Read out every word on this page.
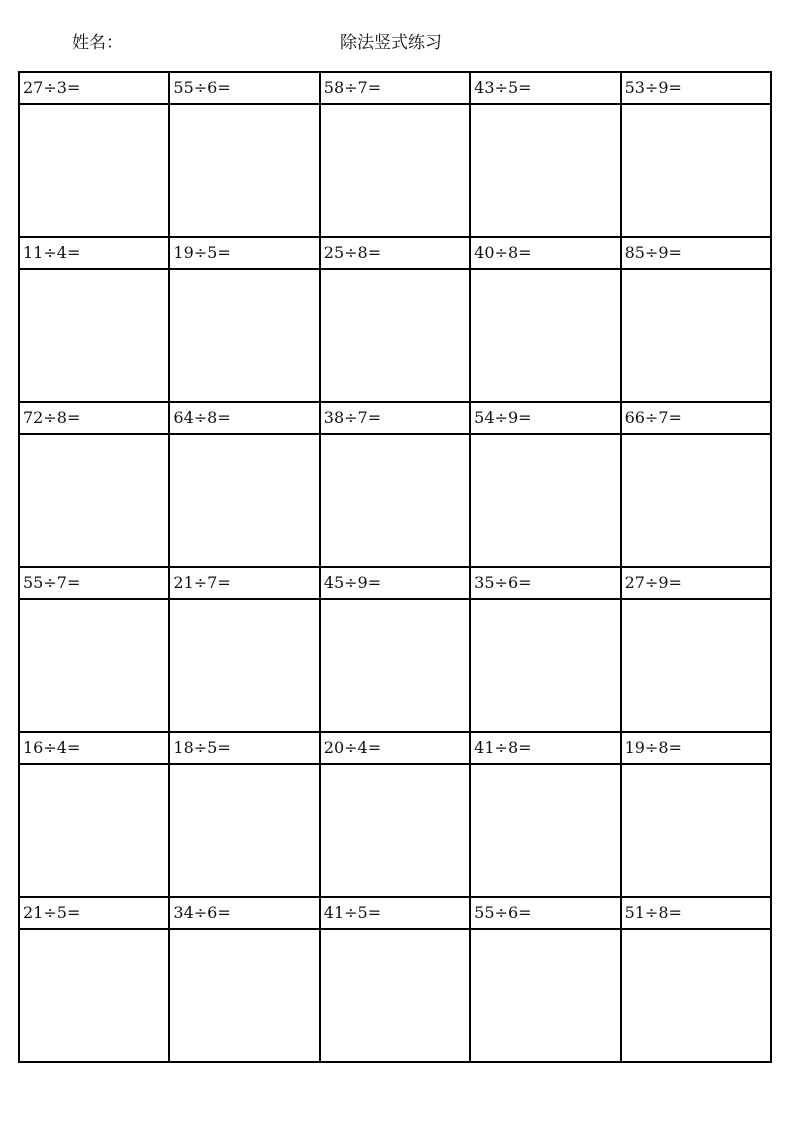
姓名：	除法竖式练习
27÷3=	55÷6=	58÷7=	43÷5=	53÷9=

11÷4=	19÷5=	25÷8=	40÷8=	85÷9=

72÷8=	64÷8=	38÷7=	54÷9=	66÷7=

55÷7=	21÷7=	45÷9=	35÷6=	27÷9=

16÷4=	18÷5=	20÷4=	41÷8=	19÷8=

21÷5=	34÷6=	41÷5=	55÷6=	51÷8=
